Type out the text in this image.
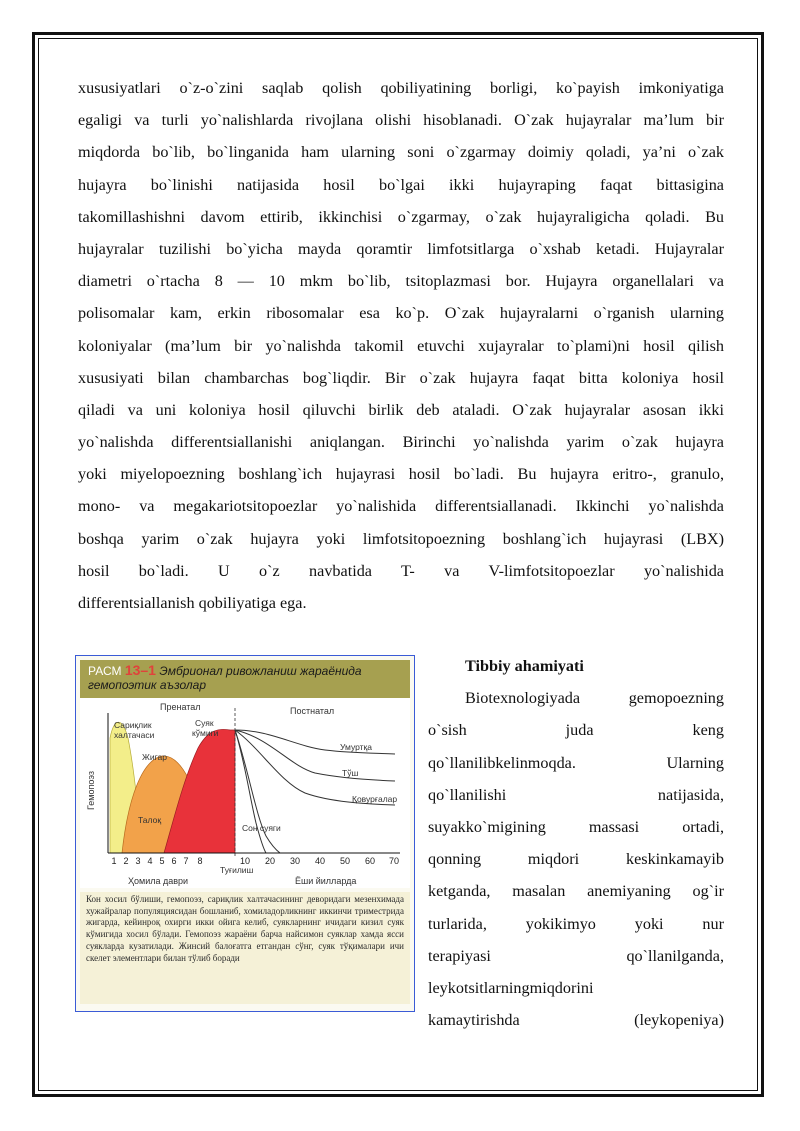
xususiyatlari o`z-o`zini saqlab qolish qobiliyatining borligi, ko`payish imkoniyatiga
egaligi va turli yo`nalishlarda rivojlana olishi hisoblanadi. O`zak hujayralar ma’lum bir
miqdorda bo`lib, bo`linganida ham ularning soni o`zgarmay doimiy qoladi, ya’ni o`zak
hujayra bo`linishi natijasida hosil bo`lgai ikki hujayraping faqat bittasigina
takomillashishni davom ettirib, ikkinchisi o`zgarmay, o`zak hujayraligicha qoladi. Bu
hujayralar tuzilishi bo`yicha mayda qoramtir limfotsitlarga o`xshab ketadi. Hujayralar
diametri o`rtacha 8 — 10 mkm bo`lib, tsitoplazmasi bor. Hujayra organellalari va
polisomalar kam, erkin ribosomalar esa ko`p. O`zak hujayralarni o`rganish ularning
koloniyalar (ma’lum bir yo`nalishda takomil etuvchi xujayralar to`plami)ni hosil qilish
xususiyati bilan chambarchas bog`liqdir. Bir o`zak hujayra faqat bitta koloniya hosil
qiladi va uni koloniya hosil qiluvchi birlik deb ataladi. O`zak hujayralar asosan ikki
yo`nalishda differentsiallanishi aniqlangan. Birinchi yo`nalishda yarim o`zak hujayra
yoki miyelopoezning boshlang`ich hujayrasi hosil bo`ladi. Bu hujayra eritro-, granulo,
mono- va megakariotsitopoezlar yo`nalishida differentsiallanadi. Ikkinchi yo`nalishda
boshqa yarim o`zak hujayra yoki limfotsitopoezning boshlang`ich hujayrasi (LBX)
hosil bo`ladi. U o`z navbatida T- va V-limfotsitopoezlar yo`nalishida
differentsiallanish qobiliyatiga ega.
РАСМ 13–1 Эмбрионал ривожланиш жараёнида
гемопоэтик аъзолар
Гемопоэз
Пренатал	Постнатал
Сариқлик
халтачаси
Жигар
Талоқ
Суяк
кўмиги
Сон суяги
Умуртқа
Тўш
Қовурғалар
1 2 3 4 5 6 7 8	10 20 30 40 50 60 70
Туғилиш
Ҳомила даври	Ёши йилларда
Кон хосил бўлиши, гемопоэз, сариқлик халтачасининг деворидаги мезенхимада хужайралар популяциясидан бошланиб, хомиладорликнинг иккинчи триместрида жигарда, кейинроқ охирги икки ойига келиб, суякларнинг ичидаги кизил суяк кўмигида хосил бўлади. Гемопоэз жараёни барча найсимон суяклар хамда ясси суякларда кузатилади. Жинсий балоғатга етгандан сўнг, суяк тўқималари ичи скелет элементлари билан тўлиб боради
Tibbiy ahamiyati
Biotexnologiyada gemopoezning
o`sish juda keng
qo`llanilibkelinmoqda. Ularning
qo`llanilishi natijasida,
suyakko`migining massasi ortadi,
qonning miqdori keskinkamayib
ketganda, masalan anemiyaning og`ir
turlarida, yokikimyo yoki nur
terapiyasi qo`llanilganda,
leykotsitlarningmiqdorini
kamaytirishda (leykopeniya)
